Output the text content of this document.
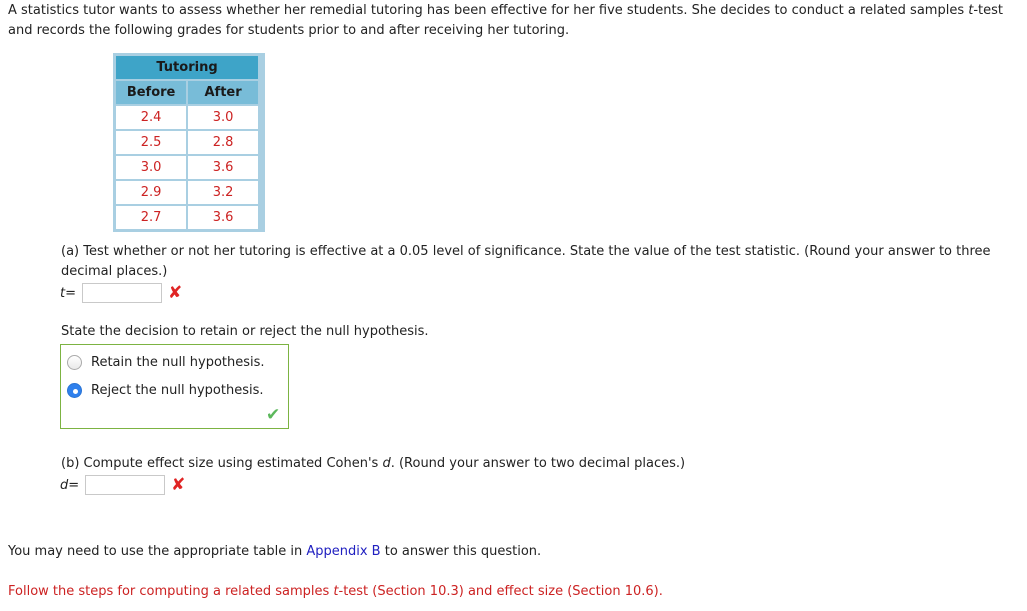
A statistics tutor wants to assess whether her remedial tutoring has been effective for her five students. She decides to conduct a related samples t-test and records the following grades for students prior to and after receiving her tutoring.
Tutoring	
Before	After
2.4	3.0
2.5	2.8
3.0	3.6
2.9	3.2
2.7	3.6
(a) Test whether or not her tutoring is effective at a 0.05 level of significance. State the value of the test statistic. (Round your answer to three decimal places.)
t =	✘
State the decision to retain or reject the null hypothesis.
Retain the null hypothesis.
Reject the null hypothesis.
✔
(b) Compute effect size using estimated Cohen's d. (Round your answer to two decimal places.)
d =	✘
You may need to use the appropriate table in Appendix B to answer this question.
Follow the steps for computing a related samples t-test (Section 10.3) and effect size (Section 10.6).
